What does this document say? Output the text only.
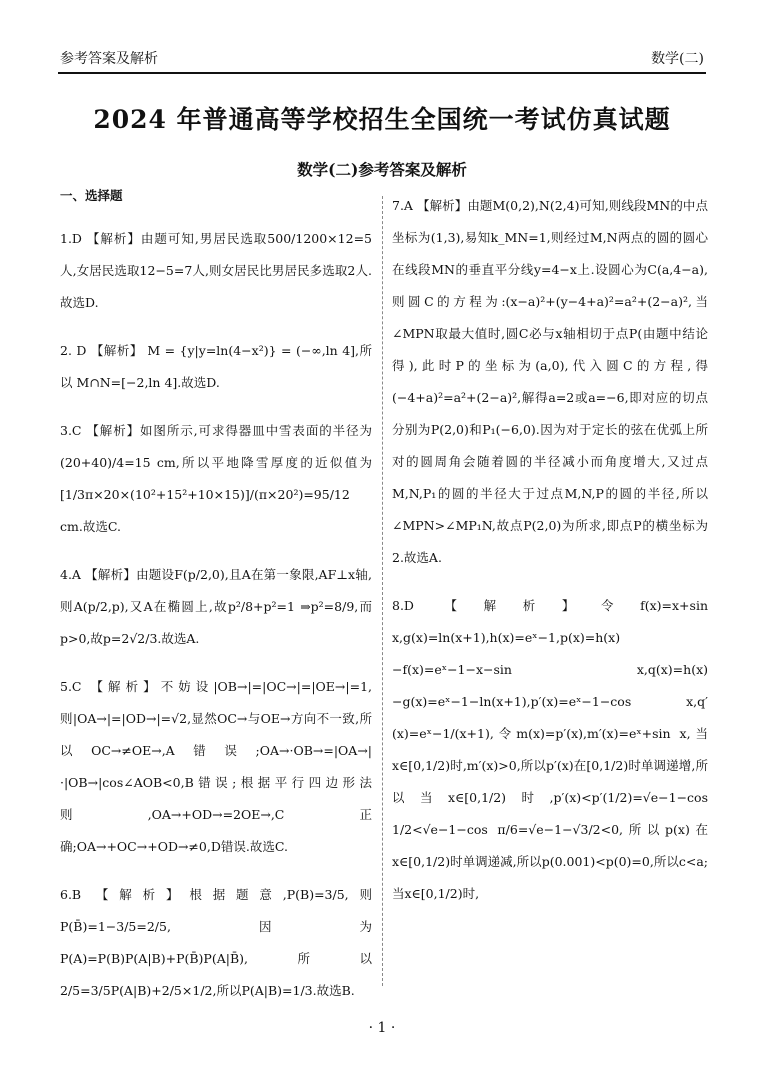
参考答案及解析	数学(二)
2024 年普通高等学校招生全国统一考试仿真试题
数学(二)参考答案及解析
一、选择题
1.D 【解析】由题可知,男居民选取500/1200×12=5人,女居民选取12−5=7人,则女居民比男居民多选取2人.故选D.
2. D 【解析】 M = {y|y=ln(4−x²)} = (−∞,ln 4],所以 M∩N=[−2,ln 4].故选D.
3.C 【解析】如图所示,可求得器皿中雪表面的半径为 (20+40)/4=15 cm,所以平地降雪厚度的近似值为 [1/3π×20×(10²+15²+10×15)]/(π×20²)=95/12 cm.故选C.
4.A 【解析】由题设F(p/2,0),且A在第一象限,AF⊥x轴,则A(p/2,p),又A在椭圆上,故p²/8+p²=1 ⇒p²=8/9,而p>0,故p=2√2/3.故选A.
5.C 【解析】不妨设|OB→|=|OC→|=|OE→|=1,则|OA→|=|OD→|=√2,显然OC→与OE→方向不一致,所以OC→≠OE→,A错误;OA→·OB→=|OA→|·|OB→|cos∠AOB<0,B错误;根据平行四边形法则,OA→+OD→=2OE→,C正确;OA→+OC→+OD→≠0,D错误.故选C.
6.B 【解析】根据题意,P(B)=3/5,则P(B̄)=1−3/5=2/5,因为P(A)=P(B)P(A|B)+P(B̄)P(A|B̄),所以2/5=3/5P(A|B)+2/5×1/2,所以P(A|B)=1/3.故选B.
7.A 【解析】由题M(0,2),N(2,4)可知,则线段MN的中点坐标为(1,3),易知k_MN=1,则经过M,N两点的圆的圆心在线段MN的垂直平分线y=4−x上.设圆心为C(a,4−a),则圆C的方程为:(x−a)²+(y−4+a)²=a²+(2−a)²,当∠MPN取最大值时,圆C必与x轴相切于点P(由题中结论得),此时P的坐标为(a,0),代入圆C的方程,得(−4+a)²=a²+(2−a)²,解得a=2或a=−6,即对应的切点分别为P(2,0)和P₁(−6,0).因为对于定长的弦在优弧上所对的圆周角会随着圆的半径减小而角度增大,又过点M,N,P₁的圆的半径大于过点M,N,P的圆的半径,所以∠MPN>∠MP₁N,故点P(2,0)为所求,即点P的横坐标为2.故选A.
8.D 【解析】令f(x)=x+sin x,g(x)=ln(x+1),h(x)=eˣ−1,p(x)=h(x)−f(x)=eˣ−1−x−sin x,q(x)=h(x)−g(x)=eˣ−1−ln(x+1),p′(x)=eˣ−1−cos x,q′(x)=eˣ−1/(x+1),令m(x)=p′(x),m′(x)=eˣ+sin x,当x∈[0,1/2)时,m′(x)>0,所以p′(x)在[0,1/2)时单调递增,所以当x∈[0,1/2)时,p′(x)<p′(1/2)=√e−1−cos 1/2<√e−1−cos π/6=√e−1−√3/2<0,所以p(x)在x∈[0,1/2)时单调递减,所以p(0.001)<p(0)=0,所以c<a;当x∈[0,1/2)时,
· 1 ·
